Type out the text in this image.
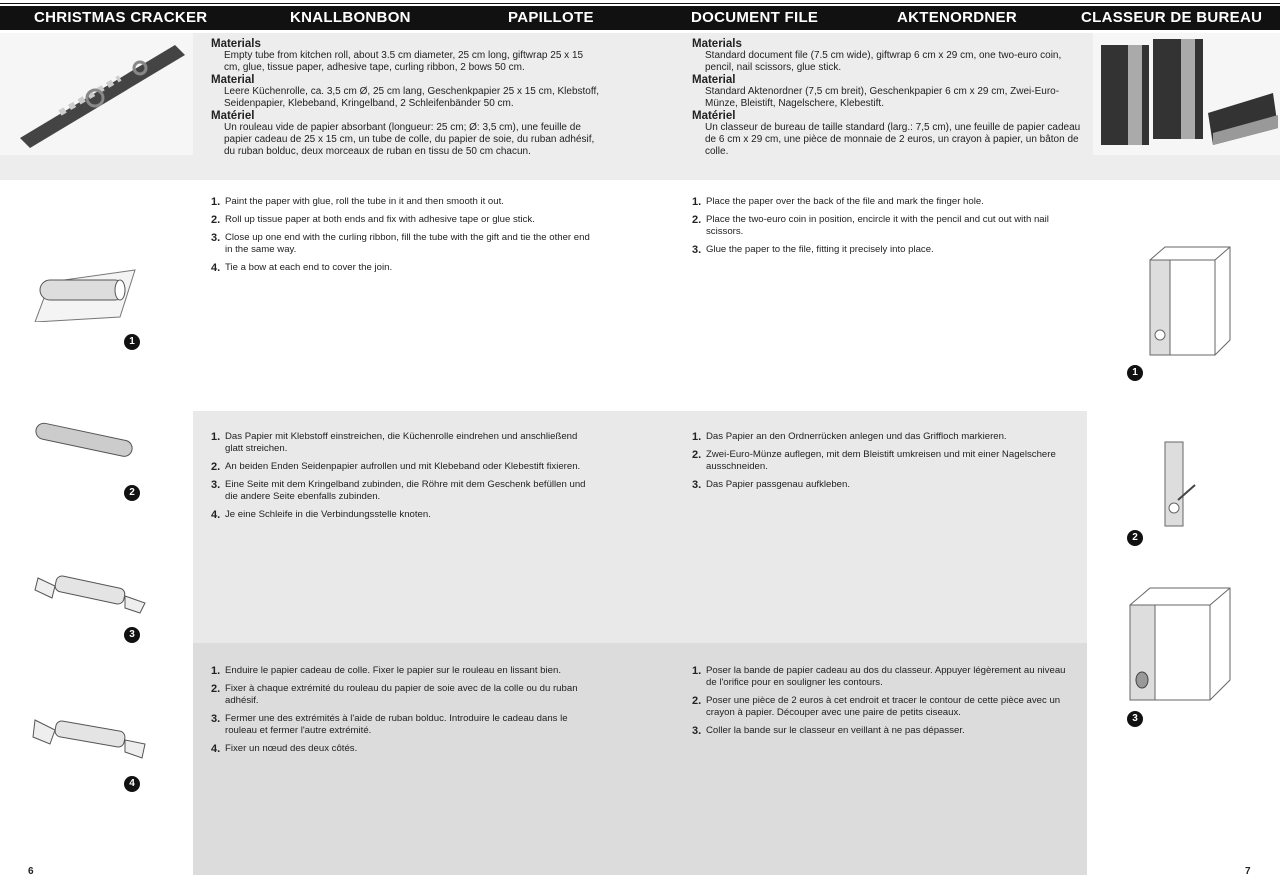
CHRISTMAS CRACKER	KNALLBONBON	PAPILLOTE	DOCUMENT FILE	AKTENORDNER	CLASSEUR DE BUREAU
Materials

Empty tube from kitchen roll, about 3.5 cm diameter, 25 cm long, giftwrap 25 x 15 cm, glue, tissue paper, adhesive tape, curling ribbon, 2 bows 50 cm.

Material

Leere Küchenrolle, ca. 3,5 cm Ø, 25 cm lang, Geschenkpapier 25 x 15 cm, Klebstoff, Seidenpapier, Klebeband, Kringelband, 2 Schleifenbänder 50 cm.

Matériel

Un rouleau vide de papier absorbant (longueur: 25 cm; Ø: 3,5 cm), une feuille de papier cadeau de 25 x 15 cm, un tube de colle, du papier de soie, du ruban adhésif, du ruban bolduc, deux morceaux de ruban en tissu de 50 cm chacun.

Materials

Standard document file (7.5 cm wide), giftwrap 6 cm x 29 cm, one two-euro coin, pencil, nail scissors, glue stick.

Material

Standard Aktenordner (7,5 cm breit), Geschenkpapier 6 cm x 29 cm, Zwei-Euro-Münze, Bleistift, Nagelschere, Klebestift.

Matériel

Un classeur de bureau de taille standard (larg.: 7,5 cm), une feuille de papier cadeau de 6 cm x 29 cm, une pièce de monnaie de 2 euros, un crayon à papier, un bâton de colle.

1. Paint the paper with glue, roll the tube in it and then smooth it out.
2. Roll up tissue paper at both ends and fix with adhesive tape or glue stick.
3. Close up one end with the curling ribbon, fill the tube with the gift and tie the other end in the same way.
4. Tie a bow at each end to cover the join.
1. Place the paper over the back of the file and mark the finger hole.
2. Place the two-euro coin in position, encircle it with the pencil and cut out with nail scissors.
3. Glue the paper to the file, fitting it precisely into place.
1. Das Papier mit Klebstoff einstreichen, die Küchenrolle eindrehen und anschließend glatt streichen.
2. An beiden Enden Seidenpapier aufrollen und mit Klebeband oder Klebestift fixieren.
3. Eine Seite mit dem Kringelband zubinden, die Röhre mit dem Geschenk befüllen und die andere Seite ebenfalls zubinden.
4. Je eine Schleife in die Verbindungsstelle knoten.
1. Das Papier an den Ordnerrücken anlegen und das Griffloch markieren.
2. Zwei-Euro-Münze auflegen, mit dem Bleistift umkreisen und mit einer Nagelschere ausschneiden.
3. Das Papier passgenau aufkleben.
1. Enduire le papier cadeau de colle. Fixer le papier sur le rouleau en lissant bien.
2. Fixer à chaque extrémité du rouleau du papier de soie avec de la colle ou du ruban adhésif.
3. Fermer une des extrémités à l'aide de ruban bolduc. Introduire le cadeau dans le rouleau et fermer l'autre extrémité.
4. Fixer un nœud des deux côtés.
1. Poser la bande de papier cadeau au dos du classeur. Appuyer légèrement au niveau de l'orifice pour en souligner les contours.
2. Poser une pièce de 2 euros à cet endroit et tracer le contour de cette pièce avec un crayon à papier. Découper avec une paire de petits ciseaux.
3. Coller la bande sur le classeur en veillant à ne pas dépasser.
1
2
3
4
1
2
3
6	7
